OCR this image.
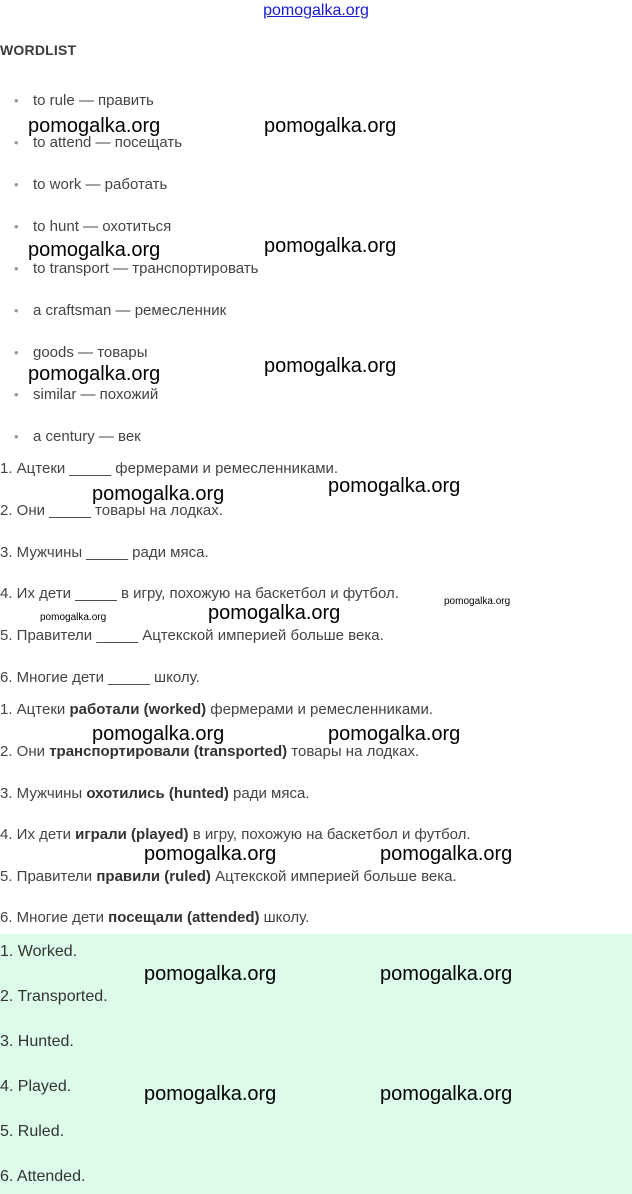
pomogalka.org
WORDLIST
• to rule — править
• to attend — посещать
• to work — работать
• to hunt — охотиться
• to transport — транспортировать
• a craftsman — ремесленник
• goods — товары
• similar — похожий
• a century — век
1. Ацтеки _____ фермерами и ремесленниками.
2. Они _____ товары на лодках.
3. Мужчины _____ ради мяса.
4. Их дети _____ в игру, похожую на баскетбол и футбол.
5. Правители _____ Ацтекской империей больше века.
6. Многие дети _____ школу.
1. Ацтеки работали (worked) фермерами и ремесленниками.
2. Они транспортировали (transported) товары на лодках.
3. Мужчины охотились (hunted) ради мяса.
4. Их дети играли (played) в игру, похожую на баскетбол и футбол.
5. Правители правили (ruled) Ацтекской империей больше века.
6. Многие дети посещали (attended) школу.
1. Worked.
2. Transported.
3. Hunted.
4. Played.
5. Ruled.
6. Attended.
pomogalka.org	pomogalka.org
pomogalka.org	pomogalka.org
pomogalka.org	pomogalka.org
pomogalka.org	pomogalka.org
pomogalka.org
pomogalka.org	pomogalka.org
pomogalka.org	pomogalka.org
pomogalka.org	pomogalka.org
pomogalka.org	pomogalka.org
pomogalka.org	pomogalka.org
